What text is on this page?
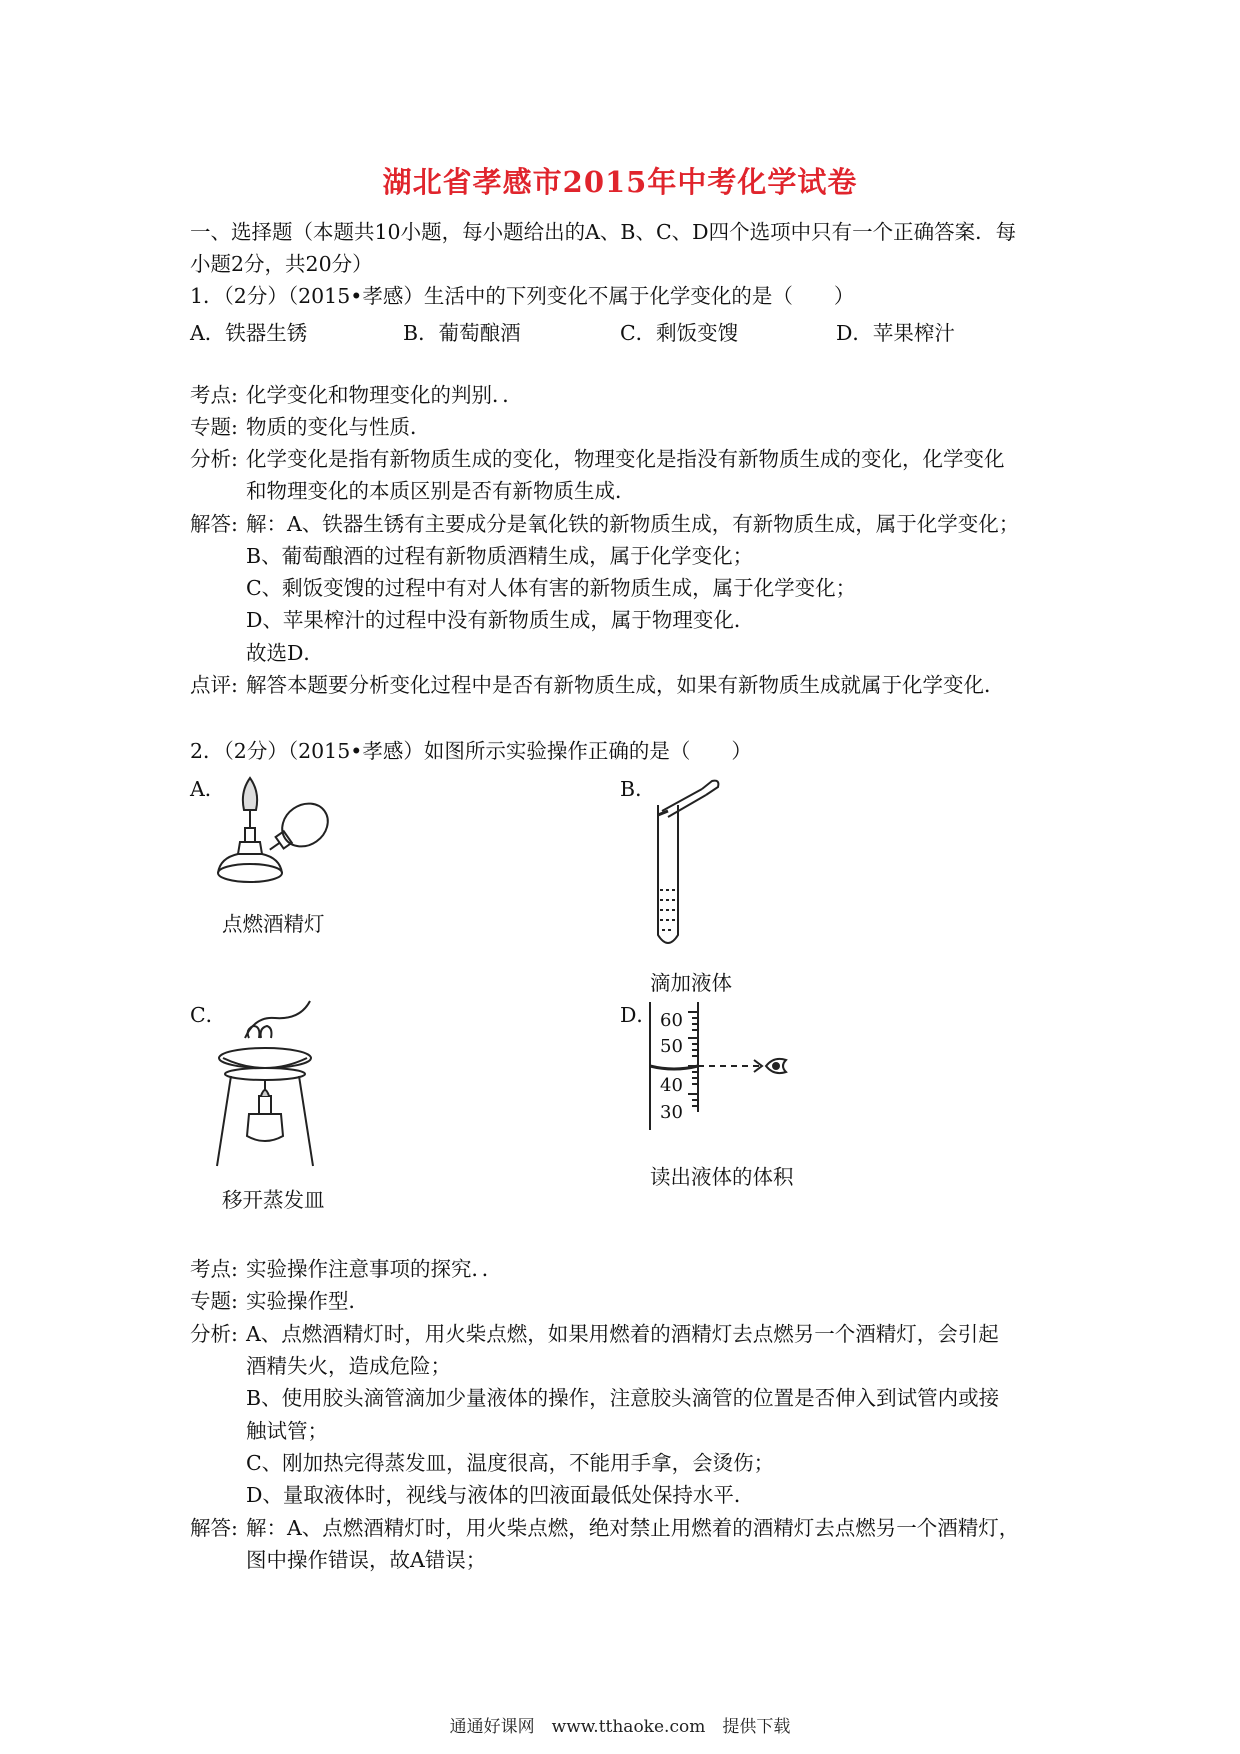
湖北省孝感市2015年中考化学试卷
一、选择题（本题共10小题，每小题给出的A、B、C、D四个选项中只有一个正确答案．每
小题2分，共20分）
1．（2分）（2015•孝感）生活中的下列变化不属于化学变化的是（　　）
A．铁器生锈	B．葡萄酿酒	C．剩饭变馊	D．苹果榨汁
考点: 化学变化和物理变化的判别．．
专题: 物质的变化与性质．
分析: 化学变化是指有新物质生成的变化，物理变化是指没有新物质生成的变化，化学变化
和物理变化的本质区别是否有新物质生成．
解答: 解：A、铁器生锈有主要成分是氧化铁的新物质生成，有新物质生成，属于化学变化；
B、葡萄酿酒的过程有新物质酒精生成，属于化学变化；
C、剩饭变馊的过程中有对人体有害的新物质生成，属于化学变化；
D、苹果榨汁的过程中没有新物质生成，属于物理变化．
故选D．
点评: 解答本题要分析变化过程中是否有新物质生成，如果有新物质生成就属于化学变化．
2．（2分）（2015•孝感）如图所示实验操作正确的是（　　）
A．	B．
点燃酒精灯
滴加液体
C．	D．
移开蒸发皿
60
50
40
30
读出液体的体积
考点: 实验操作注意事项的探究．．
专题: 实验操作型．
分析: A、点燃酒精灯时，用火柴点燃，如果用燃着的酒精灯去点燃另一个酒精灯，会引起
酒精失火，造成危险；
B、使用胶头滴管滴加少量液体的操作，注意胶头滴管的位置是否伸入到试管内或接
触试管；
C、刚加热完得蒸发皿，温度很高，不能用手拿，会烫伤；
D、量取液体时，视线与液体的凹液面最低处保持水平．
解答: 解：A、点燃酒精灯时，用火柴点燃，绝对禁止用燃着的酒精灯去点燃另一个酒精灯，
图中操作错误，故A错误；
通通好课网　www.tthaoke.com　提供下载
